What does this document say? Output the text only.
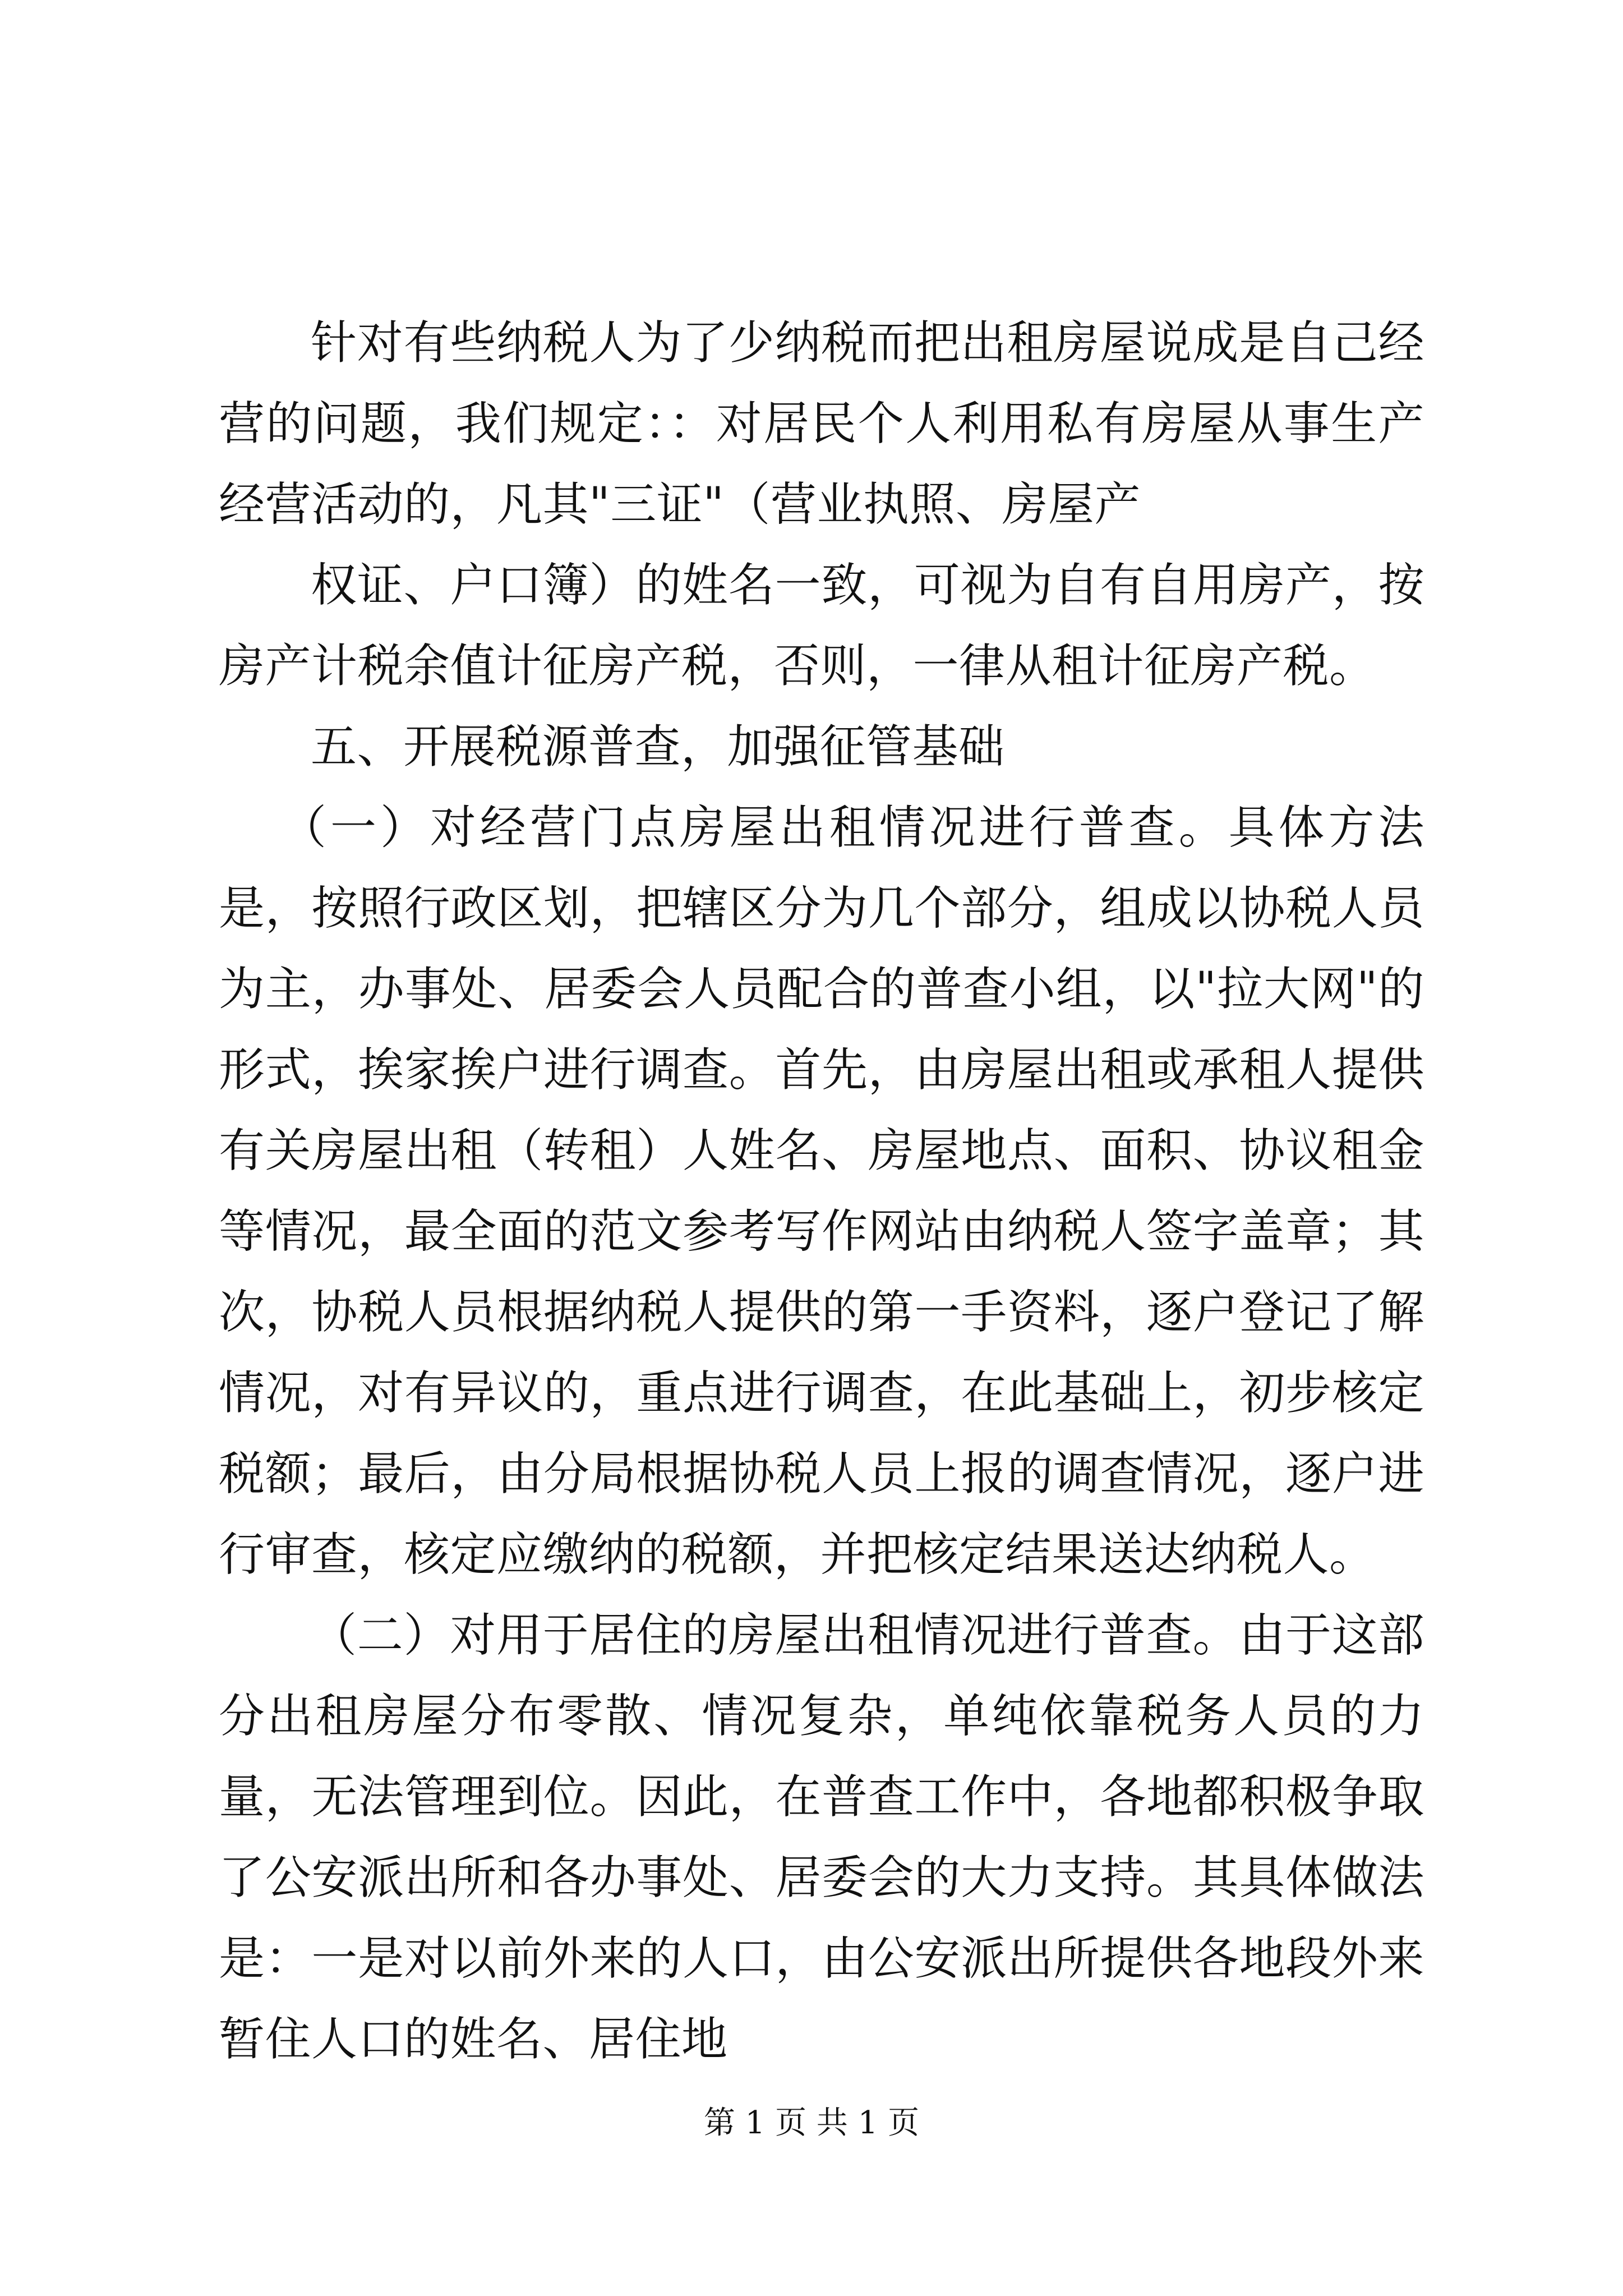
针对有些纳税人为了少纳税而把出租房屋说成是自己经营的问题，我们规定：：对居民个人利用私有房屋从事生产经营活动的，凡其"三证"（营业执照、房屋产

权证、户口簿）的姓名一致，可视为自有自用房产，按房产计税余值计征房产税，否则，一律从租计征房产税。

五、开展税源普查，加强征管基础

（一）对经营门点房屋出租情况进行普查。具体方法是，按照行政区划，把辖区分为几个部分，组成以协税人员为主，办事处、居委会人员配合的普查小组，以"拉大网"的形式，挨家挨户进行调查。首先，由房屋出租或承租人提供有关房屋出租（转租）人姓名、房屋地点、面积、协议租金等情况，最全面的范文参考写作网站由纳税人签字盖章；其次，协税人员根据纳税人提供的第一手资料，逐户登记了解情况，对有异议的，重点进行调查，在此基础上，初步核定税额；最后，由分局根据协税人员上报的调查情况，逐户进行审查，核定应缴纳的税额，并把核定结果送达纳税人。

（二）对用于居住的房屋出租情况进行普查。由于这部分出租房屋分布零散、情况复杂，单纯依靠税务人员的力量，无法管理到位。因此，在普查工作中，各地都积极争取了公安派出所和各办事处、居委会的大力支持。其具体做法是：一是对以前外来的人口，由公安派出所提供各地段外来暂住人口的姓名、居住地

第 1 页 共 1 页
